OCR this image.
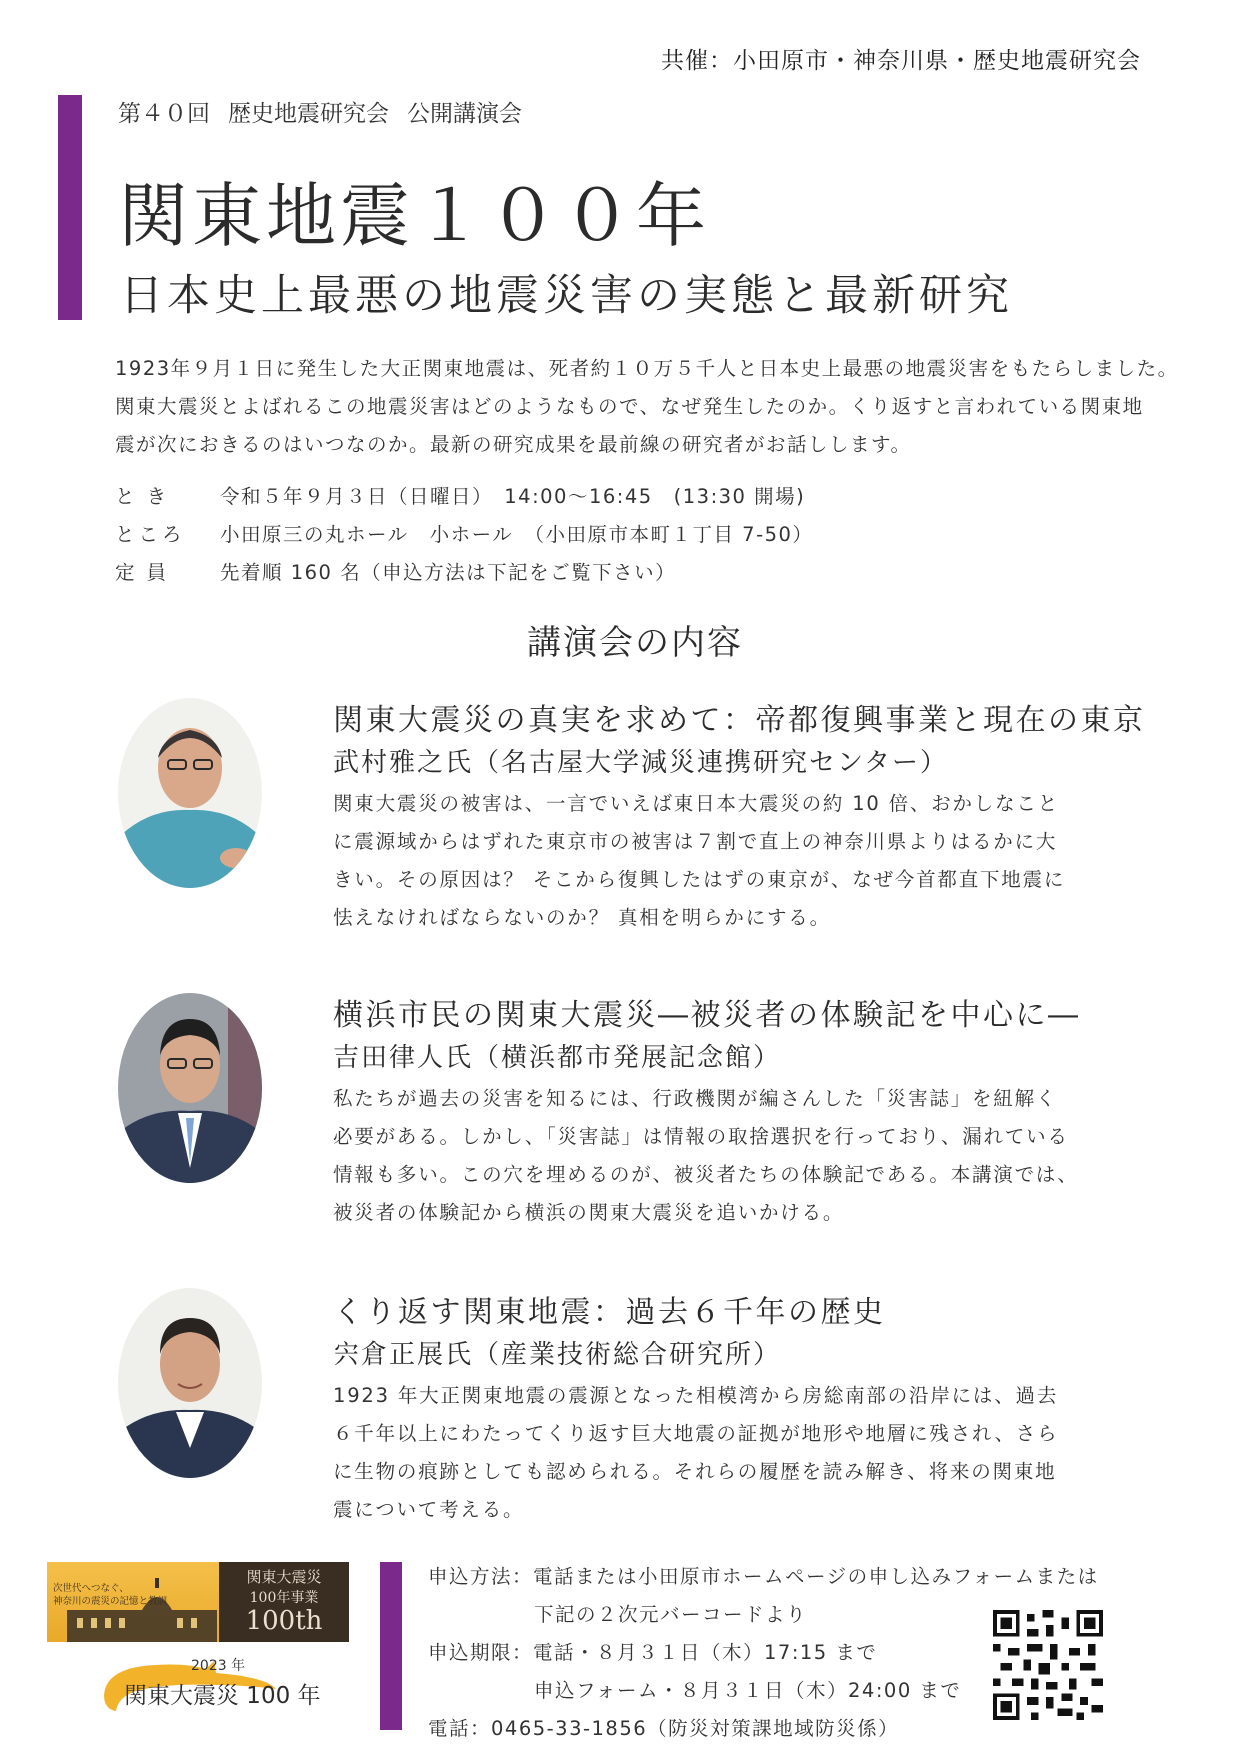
共催：小田原市・神奈川県・歴史地震研究会
第４０回 歴史地震研究会 公開講演会
関東地震１００年
日本史上最悪の地震災害の実態と最新研究
1923年９月１日に発生した大正関東地震は、死者約１０万５千人と日本史上最悪の地震災害をもたらしました。
関東大震災とよばれるこの地震災害はどのようなもので、なぜ発生したのか。くり返すと言われている関東地
震が次におきるのはいつなのか。最新の研究成果を最前線の研究者がお話しします。
とき	令和５年９月３日（日曜日）　14:00～16:45　(13:30 開場)
ところ	小田原三の丸ホール　小ホール　（小田原市本町１丁目 7-50）
定員	先着順 160 名（申込方法は下記をご覧下さい）
講演会の内容
関東大震災の真実を求めて：帝都復興事業と現在の東京
武村雅之氏（名古屋大学減災連携研究センター）
関東大震災の被害は、一言でいえば東日本大震災の約 10 倍、おかしなこと
に震源域からはずれた東京市の被害は７割で直上の神奈川県よりはるかに大
きい。その原因は？ そこから復興したはずの東京が、なぜ今首都直下地震に
怯えなければならないのか？ 真相を明らかにする。
横浜市民の関東大震災―被災者の体験記を中心に―
吉田律人氏（横浜都市発展記念館）
私たちが過去の災害を知るには、行政機関が編さんした「災害誌」を紐解く
必要がある。しかし、「災害誌」は情報の取捨選択を行っており、漏れている
情報も多い。この穴を埋めるのが、被災者たちの体験記である。本講演では、
被災者の体験記から横浜の関東大震災を追いかける。
くり返す関東地震：過去６千年の歴史
宍倉正展氏（産業技術総合研究所）
1923 年大正関東地震の震源となった相模湾から房総南部の沿岸には、過去
６千年以上にわたってくり返す巨大地震の証拠が地形や地層に残され、さら
に生物の痕跡としても認められる。それらの履歴を読み解き、将来の関東地
震について考える。
次世代へつなぐ、
神奈川の震災の記憶と教訓
関東大震災
100年事業
100th
2023 年
関東大震災 100 年
申込方法：電話または小田原市ホームページの申し込みフォームまたは
下記の２次元バーコードより
申込期限：電話・８月３１日（木）17:15 まで
申込フォーム・８月３１日（木）24:00 まで
電話：0465-33-1856（防災対策課地域防災係）
